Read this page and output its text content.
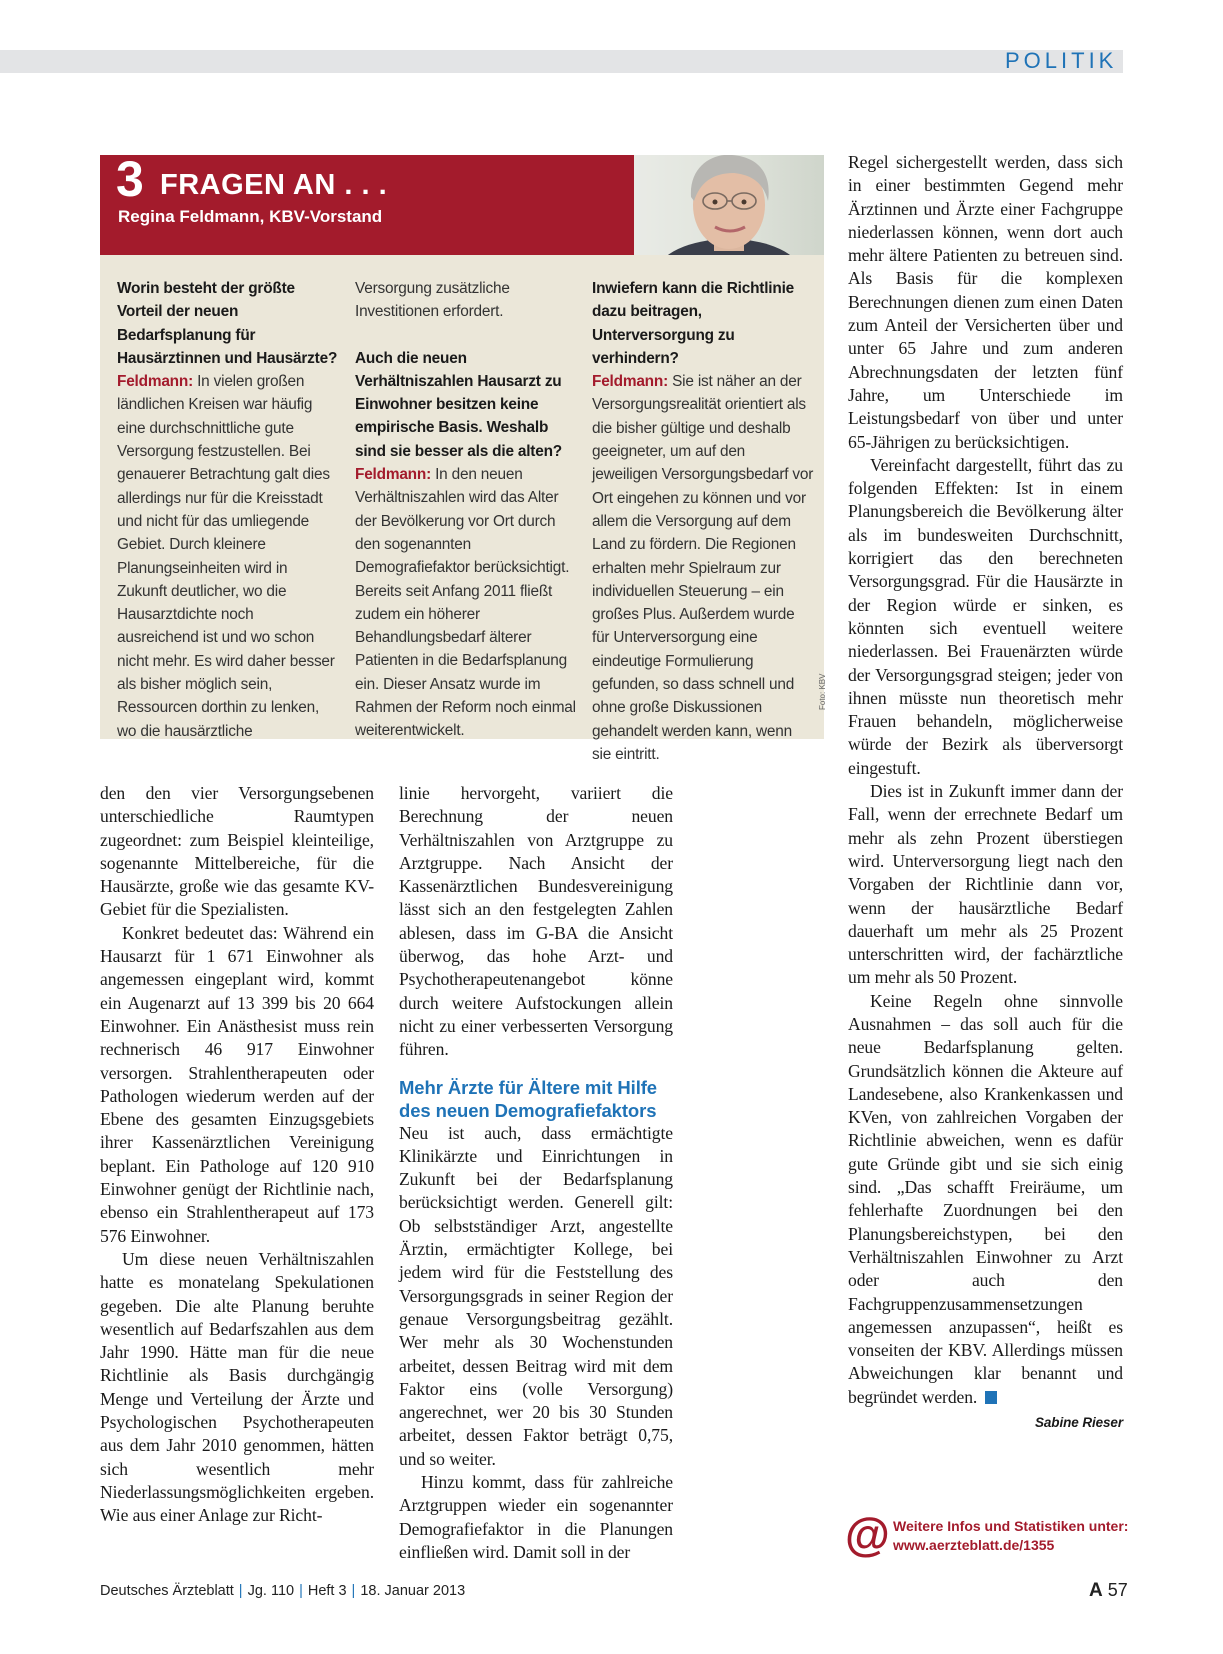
POLITIK
3 FRAGEN AN . . .
Regina Feldmann, KBV-Vorstand
Worin besteht der größte Vorteil der neuen Bedarfsplanung für Hausärztinnen und Hausärzte?
Feldmann: In vielen großen ländlichen Kreisen war häufig eine durchschnittliche gute Versorgung festzustellen. Bei genauerer Betrachtung galt dies allerdings nur für die Kreisstadt und nicht für das umliegende Gebiet. Durch kleinere Planungseinheiten wird in Zukunft deutlicher, wo die Hausarztdichte noch ausreichend ist und wo schon nicht mehr. Es wird daher besser als bisher möglich sein, Ressourcen dorthin zu lenken, wo die hausärztliche
Versorgung zusätzliche Investitionen erfordert.
Auch die neuen Verhältniszahlen Hausarzt zu Einwohner besitzen keine empirische Basis. Weshalb sind sie besser als die alten?
Feldmann: In den neuen Verhältniszahlen wird das Alter der Bevölkerung vor Ort durch den sogenannten Demografiefaktor berücksichtigt. Bereits seit Anfang 2011 fließt zudem ein höherer Behandlungsbedarf älterer Patienten in die Bedarfsplanung ein. Dieser Ansatz wurde im Rahmen der Reform noch einmal weiterentwickelt.
Inwiefern kann die Richtlinie dazu beitragen, Unterversorgung zu verhindern?
Feldmann: Sie ist näher an der Versorgungsrealität orientiert als die bisher gültige und deshalb geeigneter, um auf den jeweiligen Versorgungsbedarf vor Ort eingehen zu können und vor allem die Versorgung auf dem Land zu fördern. Die Regionen erhalten mehr Spielraum zur individuellen Steuerung – ein großes Plus. Außerdem wurde für Unterversorgung eine eindeutige Formulierung gefunden, so dass schnell und ohne große Diskussionen gehandelt werden kann, wenn sie eintritt.
Foto: KBV

den den vier Versorgungsebenen unterschiedliche Raumtypen zugeordnet: zum Beispiel kleinteilige, sogenannte Mittelbereiche, für die Hausärzte, große wie das gesamte KV-Gebiet für die Spezialisten.

Konkret bedeutet das: Während ein Hausarzt für 1 671 Einwohner als angemessen eingeplant wird, kommt ein Augenarzt auf 13 399 bis 20 664 Einwohner. Ein Anästhesist muss rein rechnerisch 46 917 Einwohner versorgen. Strahlentherapeuten oder Pathologen wiederum werden auf der Ebene des gesamten Einzugsgebiets ihrer Kassenärztlichen Vereinigung beplant. Ein Pathologe auf 120 910 Einwohner genügt der Richtlinie nach, ebenso ein Strahlentherapeut auf 173 576 Einwohner.

Um diese neuen Verhältniszahlen hatte es monatelang Spekulationen gegeben. Die alte Planung beruhte wesentlich auf Bedarfszahlen aus dem Jahr 1990. Hätte man für die neue Richtlinie als Basis durchgängig Menge und Verteilung der Ärzte und Psychologischen Psychotherapeuten aus dem Jahr 2010 genommen, hätten sich wesentlich mehr Niederlassungsmöglichkeiten ergeben. Wie aus einer Anlage zur Richt-

linie hervorgeht, variiert die Berechnung der neuen Verhältniszahlen von Arztgruppe zu Arztgruppe. Nach Ansicht der Kassenärztlichen Bundesvereinigung lässt sich an den festgelegten Zahlen ablesen, dass im G-BA die Ansicht überwog, das hohe Arzt- und Psychotherapeutenangebot könne durch weitere Aufstockungen allein nicht zu einer verbesserten Versorgung führen.

Mehr Ärzte für Ältere mit Hilfe des neuen Demografiefaktors

Neu ist auch, dass ermächtigte Klinikärzte und Einrichtungen in Zukunft bei der Bedarfsplanung berücksichtigt werden. Generell gilt: Ob selbstständiger Arzt, angestellte Ärztin, ermächtigter Kollege, bei jedem wird für die Feststellung des Versorgungsgrads in seiner Region der genaue Versorgungsbeitrag gezählt. Wer mehr als 30 Wochenstunden arbeitet, dessen Beitrag wird mit dem Faktor eins (volle Versorgung) angerechnet, wer 20 bis 30 Stunden arbeitet, dessen Faktor beträgt 0,75, und so weiter.

Hinzu kommt, dass für zahlreiche Arztgruppen wieder ein sogenannter Demografiefaktor in die Planungen einfließen wird. Damit soll in der

Regel sichergestellt werden, dass sich in einer bestimmten Gegend mehr Ärztinnen und Ärzte einer Fachgruppe niederlassen können, wenn dort auch mehr ältere Patienten zu betreuen sind. Als Basis für die komplexen Berechnungen dienen zum einen Daten zum Anteil der Versicherten über und unter 65 Jahre und zum anderen Abrechnungsdaten der letzten fünf Jahre, um Unterschiede im Leistungsbedarf von über und unter 65-Jährigen zu berücksichtigen.

Vereinfacht dargestellt, führt das zu folgenden Effekten: Ist in einem Planungsbereich die Bevölkerung älter als im bundesweiten Durchschnitt, korrigiert das den berechneten Versorgungsgrad. Für die Hausärzte in der Region würde er sinken, es könnten sich eventuell weitere niederlassen. Bei Frauenärzten würde der Versorgungsgrad steigen; jeder von ihnen müsste nun theoretisch mehr Frauen behandeln, möglicherweise würde der Bezirk als überversorgt eingestuft.

Dies ist in Zukunft immer dann der Fall, wenn der errechnete Bedarf um mehr als zehn Prozent überstiegen wird. Unterversorgung liegt nach den Vorgaben der Richtlinie dann vor, wenn der hausärztliche Bedarf dauerhaft um mehr als 25 Prozent unterschritten wird, der fachärztliche um mehr als 50 Prozent.

Keine Regeln ohne sinnvolle Ausnahmen – das soll auch für die neue Bedarfsplanung gelten. Grundsätzlich können die Akteure auf Landesebene, also Krankenkassen und KVen, von zahlreichen Vorgaben der Richtlinie abweichen, wenn es dafür gute Gründe gibt und sie sich einig sind. „Das schafft Freiräume, um fehlerhafte Zuordnungen bei den Planungsbereichstypen, bei den Verhältniszahlen Einwohner zu Arzt oder auch den Fachgruppenzusammensetzungen angemessen anzupassen“, heißt es vonseiten der KBV. Allerdings müssen Abweichungen klar benannt und begründet werden.

Sabine Rieser
@ Weitere Infos und Statistiken unter:
www.aerzteblatt.de/1355
Deutsches Ärzteblatt | Jg. 110 | Heft 3 | 18. Januar 2013	A 57
